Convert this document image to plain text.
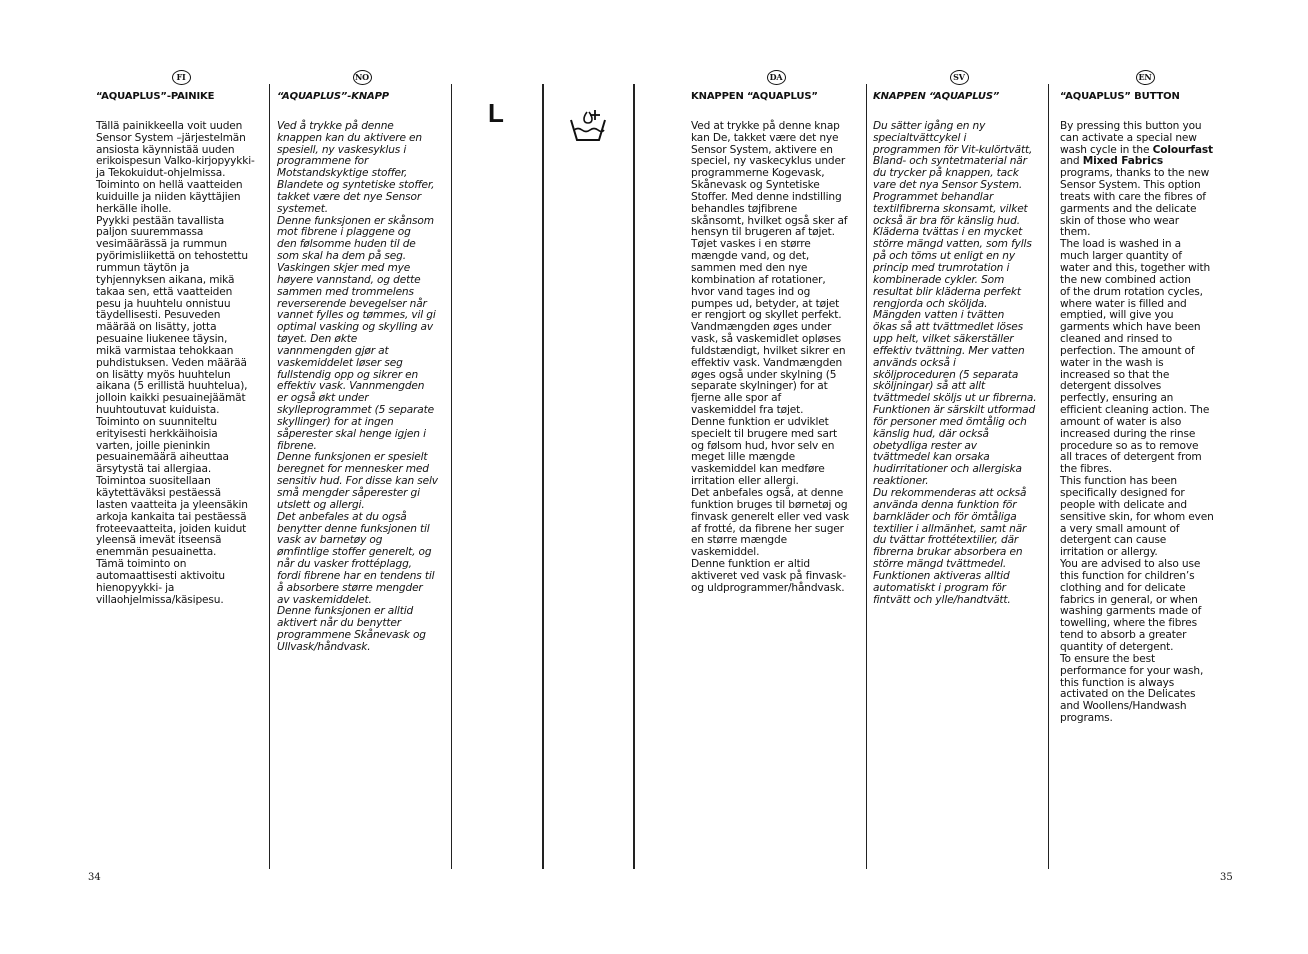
FI

“AQUAPLUS”-PAINIKE

Tällä painikkeella voit uuden
Sensor System –järjestelmän
ansiosta käynnistää uuden
erikoispesun Valko-kirjopyykki-
ja Tekokuidut-ohjelmissa.
Toiminto on hellä vaatteiden
kuiduille ja niiden käyttäjien
herkälle iholle.
Pyykki pestään tavallista
paljon suuremmassa
vesimäärässä ja rummun
pyörimisliikettä on tehostettu
rummun täytön ja
tyhjennyksen aikana, mikä
takaa sen, että vaatteiden
pesu ja huuhtelu onnistuu
täydellisesti. Pesuveden
määrää on lisätty, jotta
pesuaine liukenee täysin,
mikä varmistaa tehokkaan
puhdistuksen. Veden määrää
on lisätty myös huuhtelun
aikana (5 erillistä huuhtelua),
jolloin kaikki pesuainejäämät
huuhtoutuvat kuiduista.
Toiminto on suunniteltu
erityisesti herkkäihoisia
varten, joille pieninkin
pesuainemäärä aiheuttaa
ärsytystä tai allergiaa.
Toimintoa suositellaan
käytettäväksi pestäessä
lasten vaatteita ja yleensäkin
arkoja kankaita tai pestäessä
froteevaatteita, joiden kuidut
yleensä imevät itseensä
enemmän pesuainetta.
Tämä toiminto on
automaattisesti aktivoitu
hienopyykki- ja
villaohjelmissa/käsipesu.

NO

“AQUAPLUS”-KNAPP

Ved å trykke på denne
knappen kan du aktivere en
spesiell, ny vaskesyklus i
programmene for
Motstandskyktige stoffer,
Blandete og syntetiske stoffer,
takket være det nye Sensor
systemet.
Denne funksjonen er skånsom
mot fibrene i plaggene og
den følsomme huden til de
som skal ha dem på seg.
Vaskingen skjer med mye
høyere vannstand, og dette
sammen med trommelens
reverserende bevegelser når
vannet fylles og tømmes, vil gi
optimal vasking og skylling av
tøyet. Den økte
vannmengden gjør at
vaskemiddelet løser seg
fullstendig opp og sikrer en
effektiv vask. Vannmengden
er også økt under
skylleprogrammet (5 separate
skyllinger) for at ingen
såperester skal henge igjen i
fibrene.
Denne funksjonen er spesielt
beregnet for mennesker med
sensitiv hud. For disse kan selv
små mengder såperester gi
utslett og allergi.
Det anbefales at du også
benytter denne funksjonen til
vask av barnetøy og
ømfintlige stoffer generelt, og
når du vasker frottéplagg,
fordi fibrene har en tendens til
å absorbere større mengder
av vaskemiddelet.
Denne funksjonen er alltid
aktivert når du benytter
programmene Skånevask og
Ullvask/håndvask.

L
DA

KNAPPEN “AQUAPLUS”

Ved at trykke på denne knap
kan De, takket være det nye
Sensor System, aktivere en
speciel, ny vaskecyklus under
programmerne Kogevask,
Skånevask og Syntetiske
Stoffer. Med denne indstilling
behandles tøjfibrene
skånsomt, hvilket også sker af
hensyn til brugeren af tøjet.
Tøjet vaskes i en større
mængde vand, og det,
sammen med den nye
kombination af rotationer,
hvor vand tages ind og
pumpes ud, betyder, at tøjet
er rengjort og skyllet perfekt.
Vandmængden øges under
vask, så vaskemidlet opløses
fuldstændigt, hvilket sikrer en
effektiv vask. Vandmængden
øges også under skylning (5
separate skylninger) for at
fjerne alle spor af
vaskemiddel fra tøjet.
Denne funktion er udviklet
specielt til brugere med sart
og følsom hud, hvor selv en
meget lille mængde
vaskemiddel kan medføre
irritation eller allergi.
Det anbefales også, at denne
funktion bruges til børnetøj og
finvask generelt eller ved vask
af frotté, da fibrene her suger
en større mængde
vaskemiddel.
Denne funktion er altid
aktiveret ved vask på finvask-
og uldprogrammer/håndvask.

SV

KNAPPEN “AQUAPLUS”

Du sätter igång en ny
specialtvättcykel i
programmen för Vit-kulörtvätt,
Bland- och syntetmaterial när
du trycker på knappen, tack
vare det nya Sensor System.
Programmet behandlar
textilfibrerna skonsamt, vilket
också är bra för känslig hud.
Kläderna tvättas i en mycket
större mängd vatten, som fylls
på och töms ut enligt en ny
princip med trumrotation i
kombinerade cykler. Som
resultat blir kläderna perfekt
rengjorda och sköljda.
Mängden vatten i tvätten
ökas så att tvättmedlet löses
upp helt, vilket säkerställer
effektiv tvättning. Mer vatten
används också i
sköljproceduren (5 separata
sköljningar) så att allt
tvättmedel sköljs ut ur fibrerna.
Funktionen är särskilt utformad
för personer med ömtålig och
känslig hud, där också
obetydliga rester av
tvättmedel kan orsaka
hudirritationer och allergiska
reaktioner.
Du rekommenderas att också
använda denna funktion för
barnkläder och för ömtåliga
textilier i allmänhet, samt när
du tvättar frottétextilier, där
fibrerna brukar absorbera en
större mängd tvättmedel.
Funktionen aktiveras alltid
automatiskt i program för
fintvätt och ylle/handtvätt.

EN

“AQUAPLUS” BUTTON

By pressing this button you
can activate a special new
wash cycle in the Colourfast
and Mixed Fabrics
programs, thanks to the new
Sensor System. This option
treats with care the fibres of
garments and the delicate
skin of those who wear
them.
The load is washed in a
much larger quantity of
water and this, together with
the new combined action
of the drum rotation cycles,
where water is filled and
emptied, will give you
garments which have been
cleaned and rinsed to
perfection. The amount of
water in the wash is
increased so that the
detergent dissolves
perfectly, ensuring an
efficient cleaning action. The
amount of water is also
increased during the rinse
procedure so as to remove
all traces of detergent from
the fibres.
This function has been
specifically designed for
people with delicate and
sensitive skin, for whom even
a very small amount of
detergent can cause
irritation or allergy.
You are advised to also use
this function for children’s
clothing and for delicate
fabrics in general, or when
washing garments made of
towelling, where the fibres
tend to absorb a greater
quantity of detergent.
To ensure the best
performance for your wash,
this function is always
activated on the Delicates
and Woollens/Handwash
programs.

34	35
